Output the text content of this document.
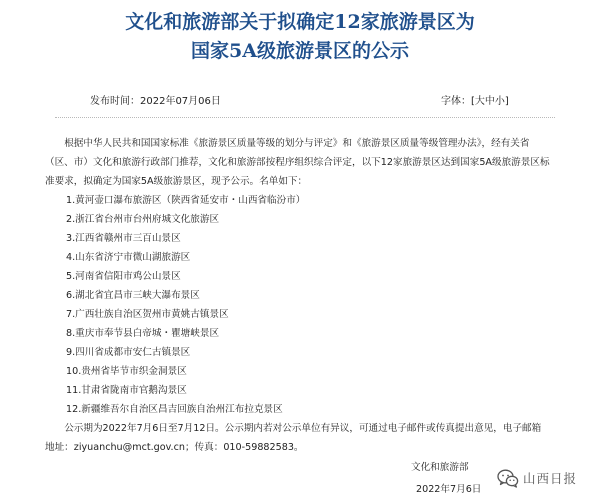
文化和旅游部关于拟确定12家旅游景区为
国家5A级旅游景区的公示
发布时间：2022年07月06日	字体：[大中小]

根据中华人民共和国国家标准《旅游景区质量等级的划分与评定》和《旅游景区质量等级管理办法》，经有关省（区、市）文化和旅游行政部门推荐，文化和旅游部按程序组织综合评定，以下12家旅游景区达到国家5A级旅游景区标准要求，拟确定为国家5A级旅游景区，现予公示。名单如下：

1.黄河壶口瀑布旅游区（陕西省延安市・山西省临汾市）
2.浙江省台州市台州府城文化旅游区
3.江西省赣州市三百山景区
4.山东省济宁市微山湖旅游区
5.河南省信阳市鸡公山景区
6.湖北省宜昌市三峡大瀑布景区
7.广西壮族自治区贺州市黄姚古镇景区
8.重庆市奉节县白帝城・瞿塘峡景区
9.四川省成都市安仁古镇景区
10.贵州省毕节市织金洞景区
11.甘肃省陇南市官鹅沟景区
12.新疆维吾尔自治区昌吉回族自治州江布拉克景区

公示期为2022年7月6日至7月12日。公示期内若对公示单位有异议，可通过电子邮件或传真提出意见，电子邮箱

地址：ziyuanchu@mct.gov.cn；传真：010-59882583。

文化和旅游部
2022年7月6日
山西日报
